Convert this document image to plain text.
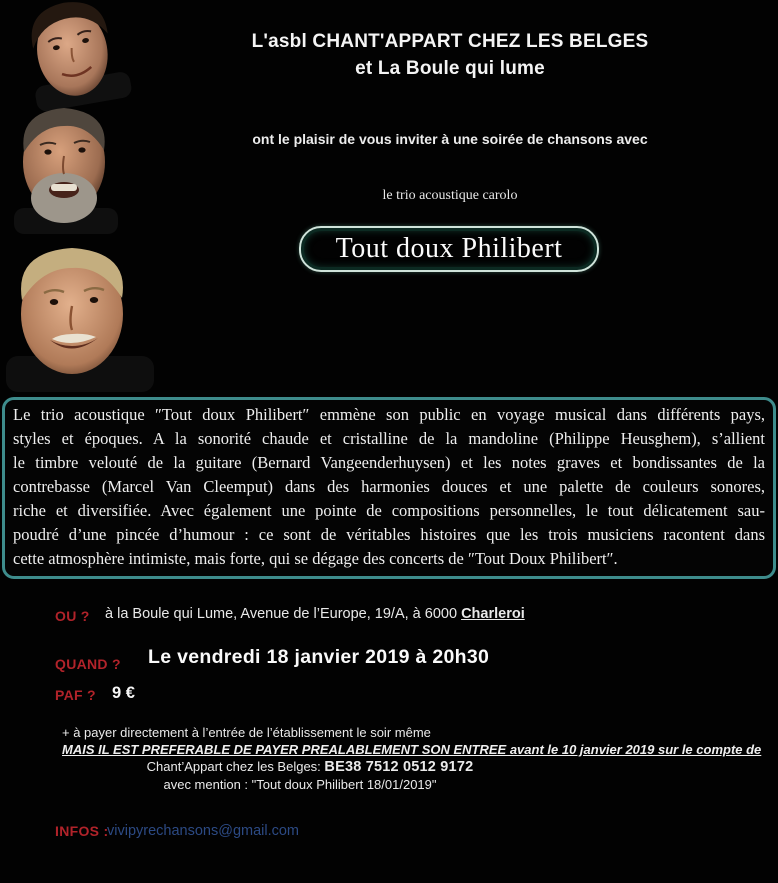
L'asbl CHANT'APPART CHEZ LES BELGES
et La Boule qui lume
ont le plaisir de vous inviter à une soirée de chansons avec
le trio acoustique carolo
Tout doux Philibert
Le trio acoustique ″Tout doux Philibert″ emmène son public en voyage musical dans différents pays,
styles et époques. A la sonorité chaude et cristalline de la mandoline (Philippe Heusghem), s’allient
le timbre velouté de la guitare (Bernard Vangeenderhuysen) et les notes graves et bondissantes de la
contrebasse (Marcel Van Cleemput) dans des harmonies douces et une palette de couleurs sonores,
riche et diversifiée. Avec également une pointe de compositions personnelles, le tout délicatement sau-
poudré d’une pincée d’humour : ce sont de véritables histoires que les trois musiciens racontent dans
cette atmosphère intimiste, mais forte, qui se dégage des concerts de ″Tout Doux Philibert″.
OU ? à la Boule qui Lume, Avenue de l’Europe, 19/A, à 6000 Charleroi
QUAND ? Le vendredi 18 janvier 2019 à 20h30
PAF ? 9 €
+ à payer directement à l’entrée de l’établissement le soir même
MAIS IL EST PREFERABLE DE PAYER PREALABLEMENT SON ENTREE avant le 10 janvier 2019 sur le compte de
Chant’Appart chez les Belges: BE38 7512 0512 9172
avec mention : "Tout doux Philibert 18/01/2019"
INFOS :
vivipyrechansons@gmail.com
